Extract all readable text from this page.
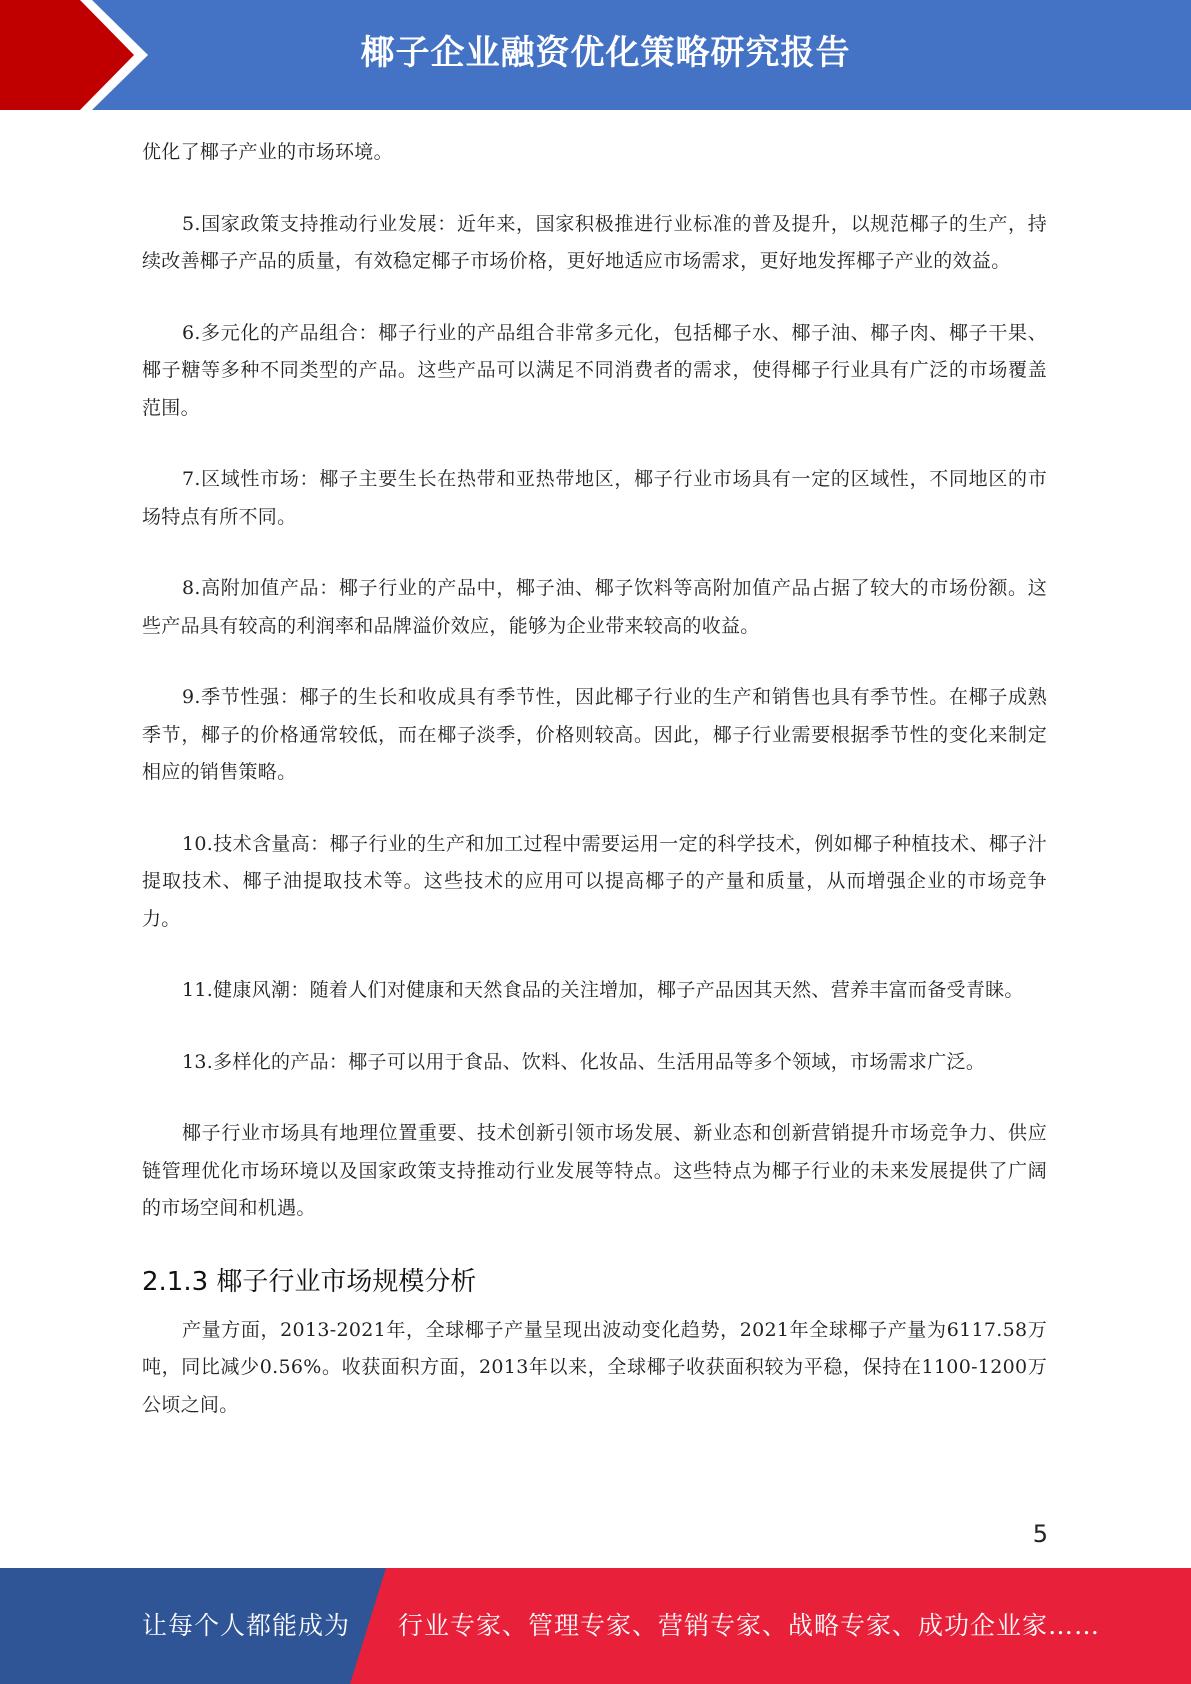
椰子企业融资优化策略研究报告

优化了椰子产业的市场环境。

5.国家政策支持推动行业发展：近年来，国家积极推进行业标准的普及提升，以规范椰子的生产，持续改善椰子产品的质量，有效稳定椰子市场价格，更好地适应市场需求，更好地发挥椰子产业的效益。

6.多元化的产品组合：椰子行业的产品组合非常多元化，包括椰子水、椰子油、椰子肉、椰子干果、椰子糖等多种不同类型的产品。这些产品可以满足不同消费者的需求，使得椰子行业具有广泛的市场覆盖范围。

7.区域性市场：椰子主要生长在热带和亚热带地区，椰子行业市场具有一定的区域性，不同地区的市场特点有所不同。

8.高附加值产品：椰子行业的产品中，椰子油、椰子饮料等高附加值产品占据了较大的市场份额。这些产品具有较高的利润率和品牌溢价效应，能够为企业带来较高的收益。

9.季节性强：椰子的生长和收成具有季节性，因此椰子行业的生产和销售也具有季节性。在椰子成熟季节，椰子的价格通常较低，而在椰子淡季，价格则较高。因此，椰子行业需要根据季节性的变化来制定相应的销售策略。

10.技术含量高：椰子行业的生产和加工过程中需要运用一定的科学技术，例如椰子种植技术、椰子汁提取技术、椰子油提取技术等。这些技术的应用可以提高椰子的产量和质量，从而增强企业的市场竞争力。

11.健康风潮：随着人们对健康和天然食品的关注增加，椰子产品因其天然、营养丰富而备受青睐。

13.多样化的产品：椰子可以用于食品、饮料、化妆品、生活用品等多个领域，市场需求广泛。

椰子行业市场具有地理位置重要、技术创新引领市场发展、新业态和创新营销提升市场竞争力、供应链管理优化市场环境以及国家政策支持推动行业发展等特点。这些特点为椰子行业的未来发展提供了广阔的市场空间和机遇。

2.1.3 椰子行业市场规模分析

产量方面，2013-2021年，全球椰子产量呈现出波动变化趋势，2021年全球椰子产量为6117.58万吨，同比减少0.56%。收获面积方面，2013年以来，全球椰子收获面积较为平稳，保持在1100-1200万公顷之间。

5
让每个人都能成为 行业专家、管理专家、营销专家、战略专家、成功企业家……
